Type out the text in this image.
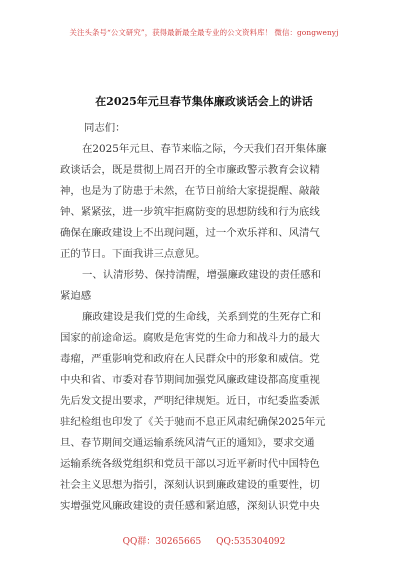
关注头条号“公文研究”，获得最新最全最专业的公文资料库！ 微信：gongwenyj
在2025年元旦春节集体廉政谈话会上的讲话
同志们：
在2025年元旦、春节来临之际，今天我们召开集体廉
政谈话会，既是贯彻上周召开的全市廉政警示教育会议精
神，也是为了防患于未然，在节日前给大家提提醒、敲敲
钟、紧紧弦，进一步筑牢拒腐防变的思想防线和行为底线
确保在廉政建设上不出现问题，过一个欢乐祥和、风清气
正的节日。下面我讲三点意见。
一、认清形势、保持清醒，增强廉政建设的责任感和
紧迫感
廉政建设是我们党的生命线，关系到党的生死存亡和
国家的前途命运。腐败是危害党的生命力和战斗力的最大
毒瘤，严重影响党和政府在人民群众中的形象和威信。党
中央和省、市委对春节期间加强党风廉政建设都高度重视
先后发文提出要求，严明纪律规矩。近日，市纪委监委派
驻纪检组也印发了《关于驰而不息正风肃纪确保2025年元
旦、春节期间交通运输系统风清气正的通知》，要求交通
运输系统各级党组织和党员干部以习近平新时代中国特色
社会主义思想为指引，深刻认识到廉政建设的重要性，切
实增强党风廉政建设的责任感和紧迫感，深刻认识党中央
QQ群：30265665 QQ:535304092
